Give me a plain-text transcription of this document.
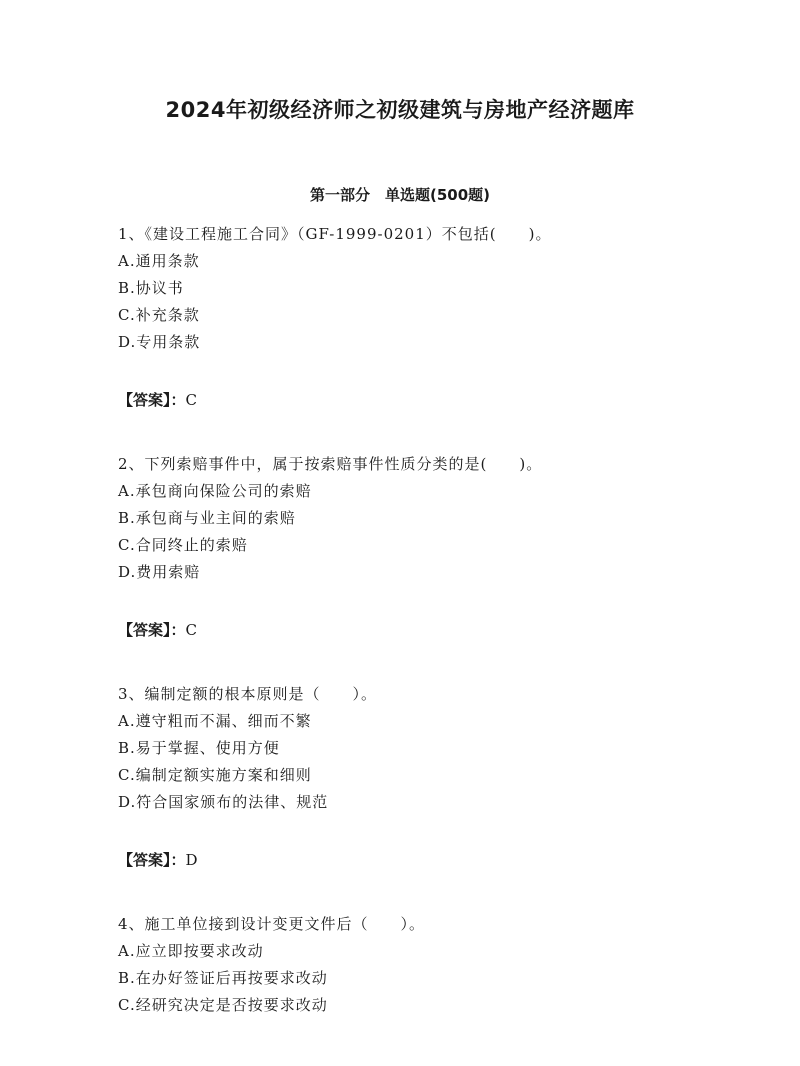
2024年初级经济师之初级建筑与房地产经济题库
第一部分　单选题(500题)
1、《建设工程施工合同》（GF-1999-0201）不包括(　　)。
A.通用条款
B.协议书
C.补充条款
D.专用条款
【答案】：C
2、下列索赔事件中，属于按索赔事件性质分类的是(　　)。
A.承包商向保险公司的索赔
B.承包商与业主间的索赔
C.合同终止的索赔
D.费用索赔
【答案】：C
3、编制定额的根本原则是（　　）。
A.遵守粗而不漏、细而不繁
B.易于掌握、使用方便
C.编制定额实施方案和细则
D.符合国家颁布的法律、规范
【答案】：D
4、施工单位接到设计变更文件后（　　）。
A.应立即按要求改动
B.在办好签证后再按要求改动
C.经研究决定是否按要求改动
